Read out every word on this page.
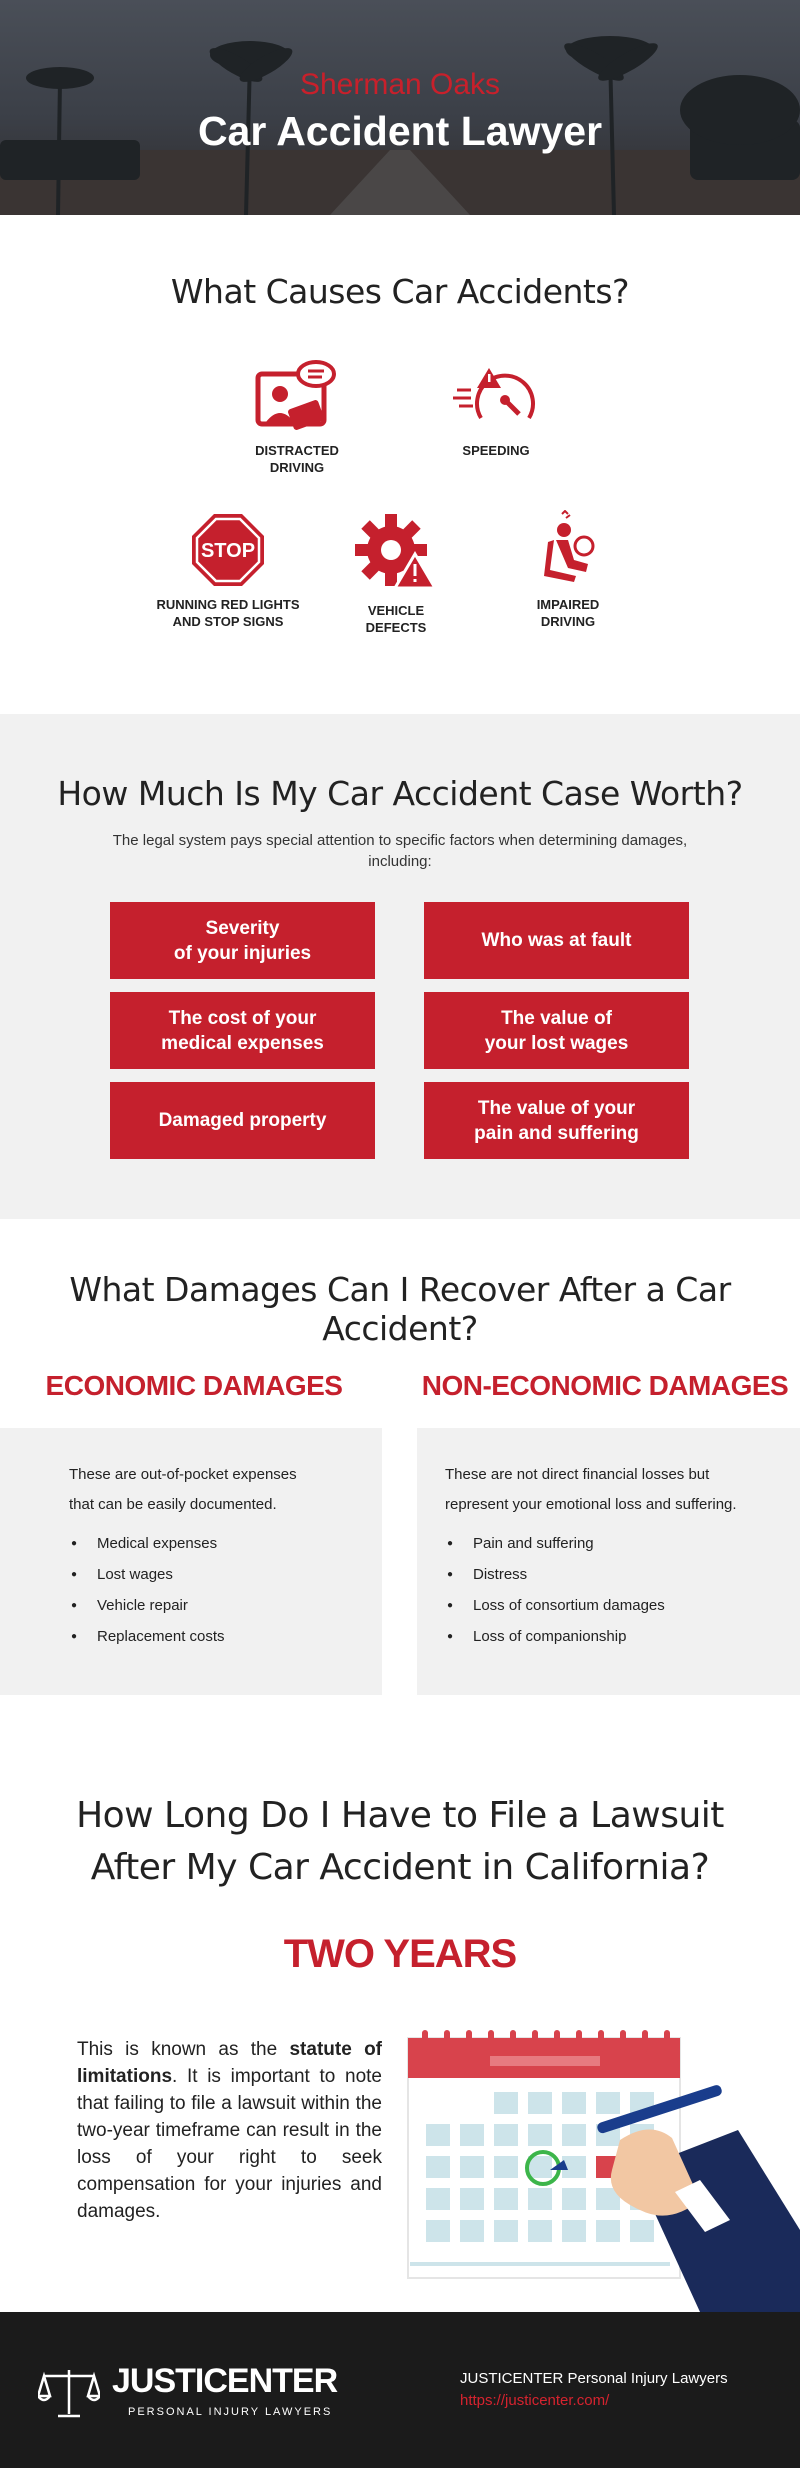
Sherman Oaks
Car Accident Lawyer
What Causes Car Accidents?
DISTRACTED
DRIVING
SPEEDING
STOP
RUNNING RED LIGHTS
AND STOP SIGNS
VEHICLE
DEFECTS
IMPAIRED
DRIVING
How Much Is My Car Accident Case Worth?
The legal system pays special attention to specific factors when determining damages, including:
Severity
of your injuries
Who was at fault
The cost of your
medical expenses
The value of
your lost wages
Damaged property
The value of your
pain and suffering
What Damages Can I Recover After a Car Accident?
ECONOMIC DAMAGES	NON-ECONOMIC DAMAGES
These are out-of-pocket expenses
that can be easily documented.
● Medical expenses
● Lost wages
● Vehicle repair
● Replacement costs
These are not direct financial losses but
represent your emotional loss and suffering.
● Pain and suffering
● Distress
● Loss of consortium damages
● Loss of companionship
How Long Do I Have to File a Lawsuit
After My Car Accident in California?
TWO YEARS
This is known as the statute of limitations. It is important to note that failing to file a lawsuit within the two-year timeframe can result in the loss of your right to seek compensation for your injuries and damages.
JUSTICENTER
PERSONAL INJURY LAWYERS
JUSTICENTER Personal Injury Lawyers
https://justicenter.com/
